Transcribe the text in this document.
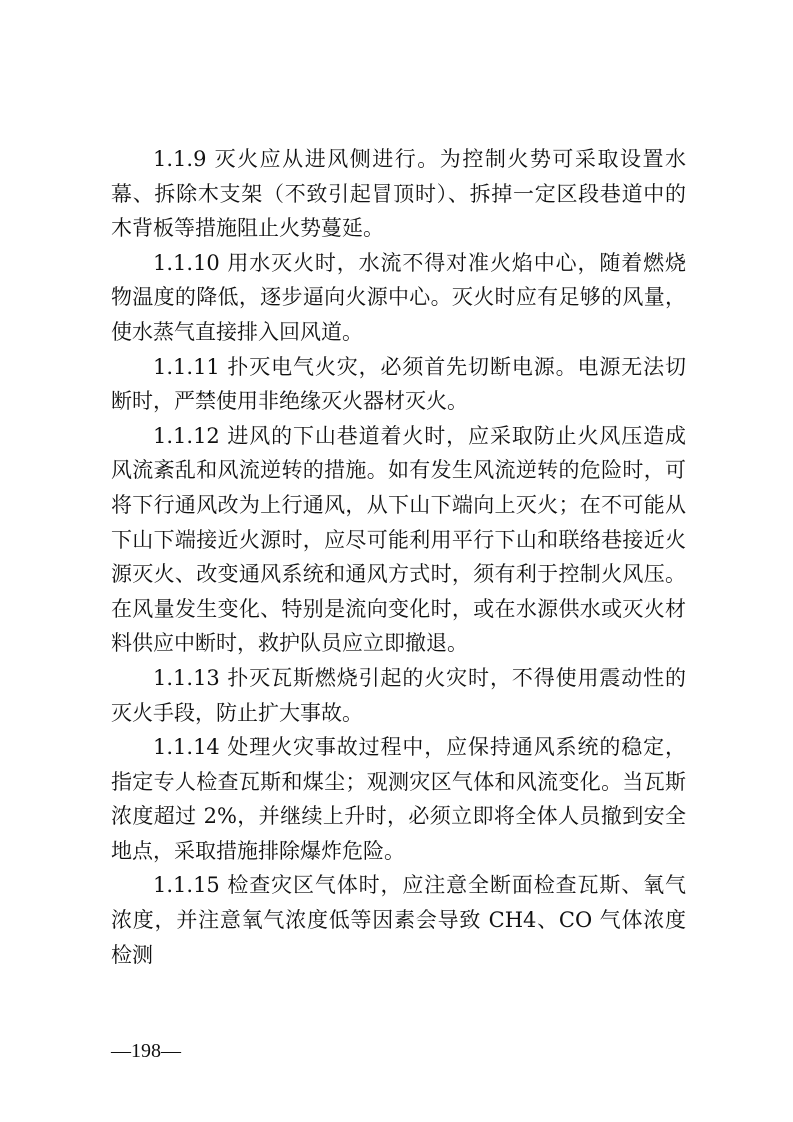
1.1.9 灭火应从进风侧进行。为控制火势可采取设置水幕、拆除木支架（不致引起冒顶时）、拆掉一定区段巷道中的木背板等措施阻止火势蔓延。

1.1.10 用水灭火时，水流不得对准火焰中心，随着燃烧物温度的降低，逐步逼向火源中心。灭火时应有足够的风量，使水蒸气直接排入回风道。

1.1.11 扑灭电气火灾，必须首先切断电源。电源无法切断时，严禁使用非绝缘灭火器材灭火。

1.1.12 进风的下山巷道着火时，应采取防止火风压造成风流紊乱和风流逆转的措施。如有发生风流逆转的危险时，可将下行通风改为上行通风，从下山下端向上灭火；在不可能从下山下端接近火源时，应尽可能利用平行下山和联络巷接近火源灭火、改变通风系统和通风方式时，须有利于控制火风压。在风量发生变化、特别是流向变化时，或在水源供水或灭火材料供应中断时，救护队员应立即撤退。

1.1.13 扑灭瓦斯燃烧引起的火灾时，不得使用震动性的灭火手段，防止扩大事故。

1.1.14 处理火灾事故过程中，应保持通风系统的稳定，指定专人检查瓦斯和煤尘；观测灾区气体和风流变化。当瓦斯浓度超过 2%，并继续上升时，必须立即将全体人员撤到安全地点，采取措施排除爆炸危险。

1.1.15 检查灾区气体时，应注意全断面检查瓦斯、氧气浓度，并注意氧气浓度低等因素会导致 CH4、CO 气体浓度检测

—198—
